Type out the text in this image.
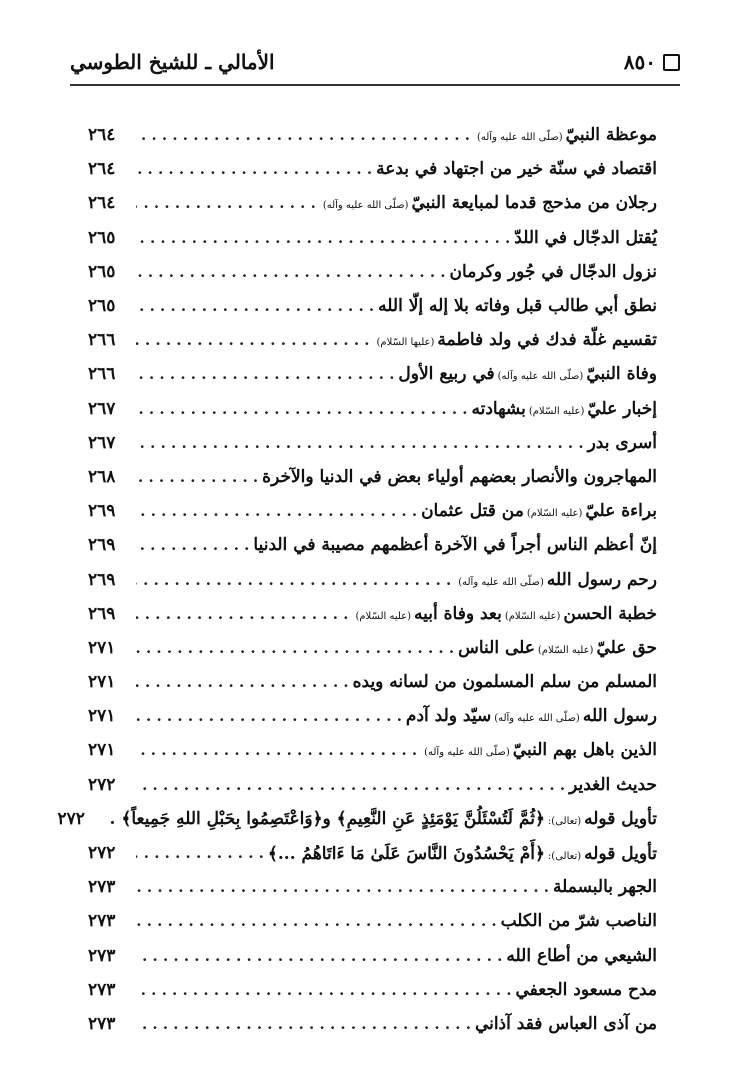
٨٥٠
الأمالي ـ للشيخ الطوسي
موعظة النبيّ(صلّى الله عليه وآله)
. . .
٢٦٤
اقتصاد في سنّة خير من اجتهاد في بدعة
. . .
٢٦٤
رجلان من مذحج قدما لمبايعة النبيّ(صلّى الله عليه وآله)
. . .
٢٦٤
يُقتل الدجّال في اللدّ
. . .
٢٦٥
نزول الدجّال في جُور وكرمان
. . .
٢٦٥
نطق أبي طالب قبل وفاته بلا إله إلّا الله
. . .
٢٦٥
تقسيم غلّة فدك في ولد فاطمة(عليها السّلام)
. . .
٢٦٦
وفاة النبيّ(صلّى الله عليه وآله)في ربيع الأول
. . .
٢٦٦
إخبار عليّ(عليه السّلام)بشهادته
. . .
٢٦٧
أسرى بدر
. . .
٢٦٧
المهاجرون والأنصار بعضهم أولياء بعض في الدنيا والآخرة
. . .
٢٦٨
براءة عليّ(عليه السّلام)من قتل عثمان
. . .
٢٦٩
إنّ أعظم الناس أجراً في الآخرة أعظمهم مصيبة في الدنيا
. . .
٢٦٩
رحم رسول الله(صلّى الله عليه وآله)
. . .
٢٦٩
خطبة الحسن(عليه السّلام)بعد وفاة أبيه(عليه السّلام)
. . .
٢٦٩
حق عليّ(عليه السّلام)على الناس
. . .
٢٧١
المسلم من سلم المسلمون من لسانه ويده
. . .
٢٧١
رسول الله(صلّى الله عليه وآله)سيّد ولد آدم
. . .
٢٧١
الذين باهل بهم النبيّ(صلّى الله عليه وآله)
. . .
٢٧١
حديث الغدير
. . .
٢٧٢
تأويل قوله(تعالى):﴿ثُمَّ لَتُسْئَلُنَّ يَوْمَئِذٍ عَنِ النَّعِيمِ﴾ و﴿وَاعْتَصِمُوا بِحَبْلِ اللهِ جَمِيعاً﴾ .
٢٧٢
تأويل قوله(تعالى):﴿أَمْ يَحْسُدُونَ النَّاسَ عَلَىٰ مَا ءَاتَاهُمُ ...﴾
. . .
٢٧٢
الجهر بالبسملة
. . .
٢٧٣
الناصب شرّ من الكلب
. . .
٢٧٣
الشيعي من أطاع الله
. . .
٢٧٣
مدح مسعود الجعفي
. . .
٢٧٣
من آذى العباس فقد آذاني
. . .
٢٧٣
